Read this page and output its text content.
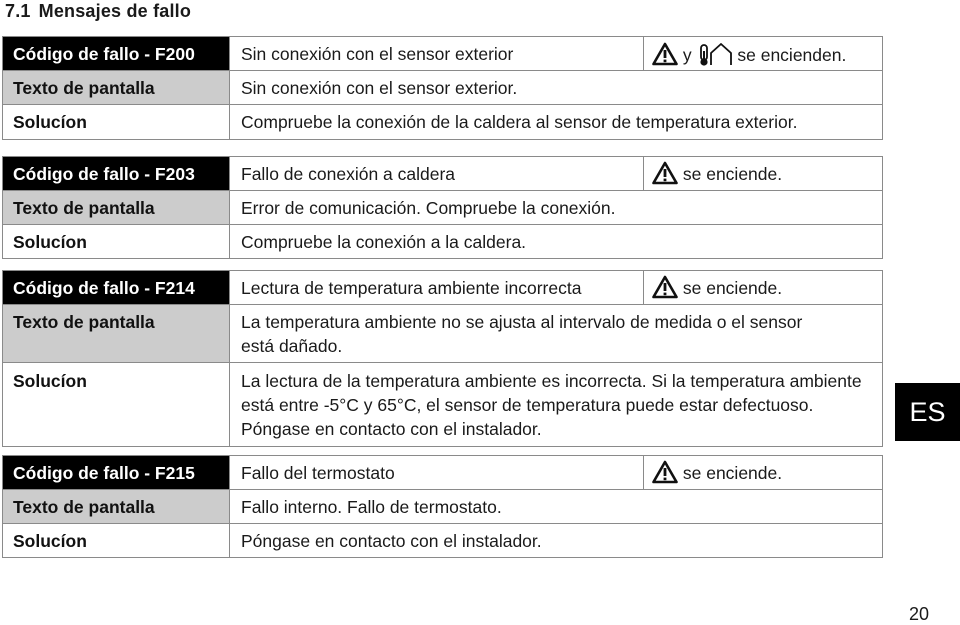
7.1 Mensajes de fallo
Código de fallo - F200	Sin conexión con el sensor exterior	y se encienden.
Texto de pantalla	Sin conexión con el sensor exterior.	
Solucíon	Compruebe la conexión de la caldera al sensor de temperatura exterior.	
Código de fallo - F203	Fallo de conexión a caldera	se enciende.
Texto de pantalla	Error de comunicación. Compruebe la conexión.	
Solucíon	Compruebe la conexión a la caldera.	
Código de fallo - F214	Lectura de temperatura ambiente incorrecta	se enciende.
Texto de pantalla	La temperatura ambiente no se ajusta al intervalo de medida o el sensor está dañado.	
Solucíon	La lectura de la temperatura ambiente es incorrecta. Si la temperatura ambiente está entre -5°C y 65°C, el sensor de temperatura puede estar defectuoso. Póngase en contacto con el instalador.	
Código de fallo - F215	Fallo del termostato	se enciende.
Texto de pantalla	Fallo interno. Fallo de termostato.	
Solucíon	Póngase en contacto con el instalador.	
ES
20
